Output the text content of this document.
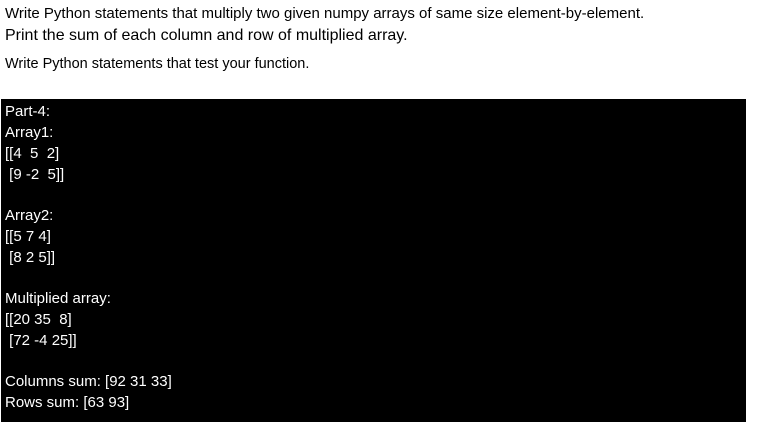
Write Python statements that multiply two given numpy arrays of same size element-by-element.
Print the sum of each column and row of multiplied array.
Write Python statements that test your function.
Part-4:
Array1:
[[4  5  2]
[9 -2  5]]
Array2:
[[5 7 4]
[8 2 5]]
Multiplied array:
[[20 35  8]
[72 -4 25]]
Columns sum: [92 31 33]
Rows sum: [63 93]
